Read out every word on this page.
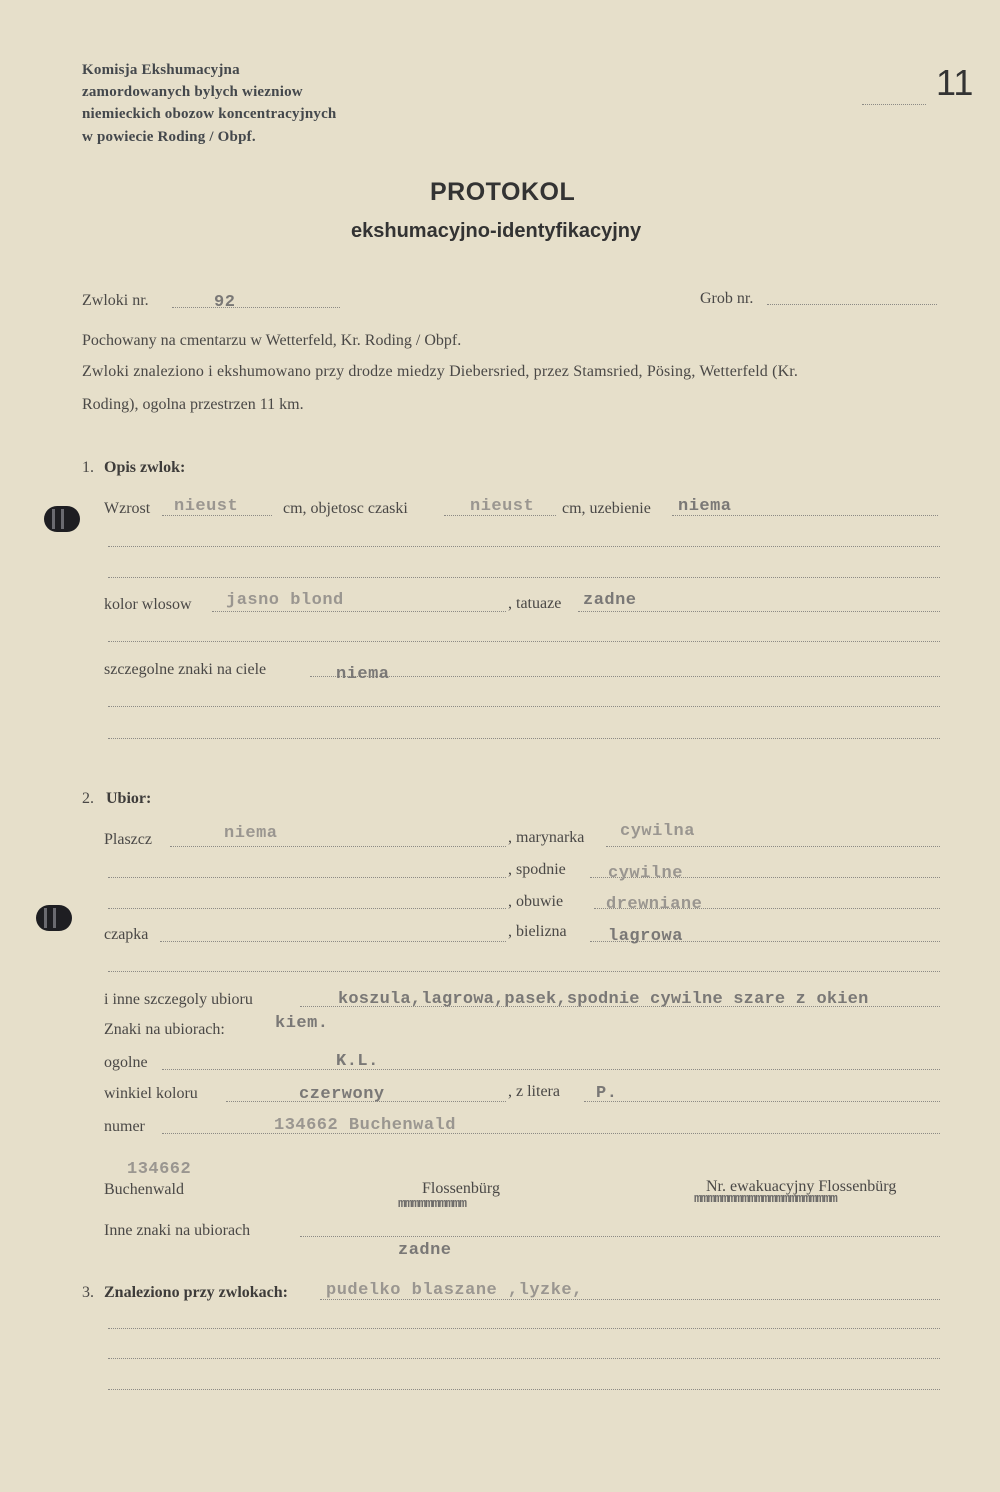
Komisja Ekshumacyjna
zamordowanych bylych wiezniow
niemieckich obozow koncentracyjnych
w powiecie Roding / Obpf.
11
PROTOKOL
ekshumacyjno-identyfikacyjny
Zwloki nr.	92	Grob nr.
Pochowany na cmentarzu w Wetterfeld, Kr. Roding / Obpf.
Zwloki znaleziono i ekshumowano przy drodze miedzy Diebersried, przez Stamsried, Pösing, Wetterfeld (Kr.
Roding), ogolna przestrzen 11 km.
1. Opis zwlok:
Wzrost nieust	cm, objetosc czaski	nieust cm, uzebienie niema
kolor wlosow jasno blond	, tatuaze zadne
szczegolne znaki na ciele	niema
2. Ubior:
Plaszcz	niema	, marynarka cywilna
, spodnie cywilne
, obuwie	drewniane
czapka	, bielizna lagrowa
i inne szczegoly ubioru	koszula,lagrowa,pasek,spodnie cywilne szare z okien
Znaki na ubiorach:	kiem.
ogolne	K.L.
winkiel koloru	czerwony	, z litera P.
numer	134662 Buchenwald
134662
Buchenwald	Flossenbürg
mmmmmmmmmm
Nr. ewakuacyjny Flossenbürg
mmmmmmmmmmmmmmmmmmmmm
Inne znaki na ubiorach
zadne
3. Znaleziono przy zwlokach: pudelko blaszane ,lyzke,
